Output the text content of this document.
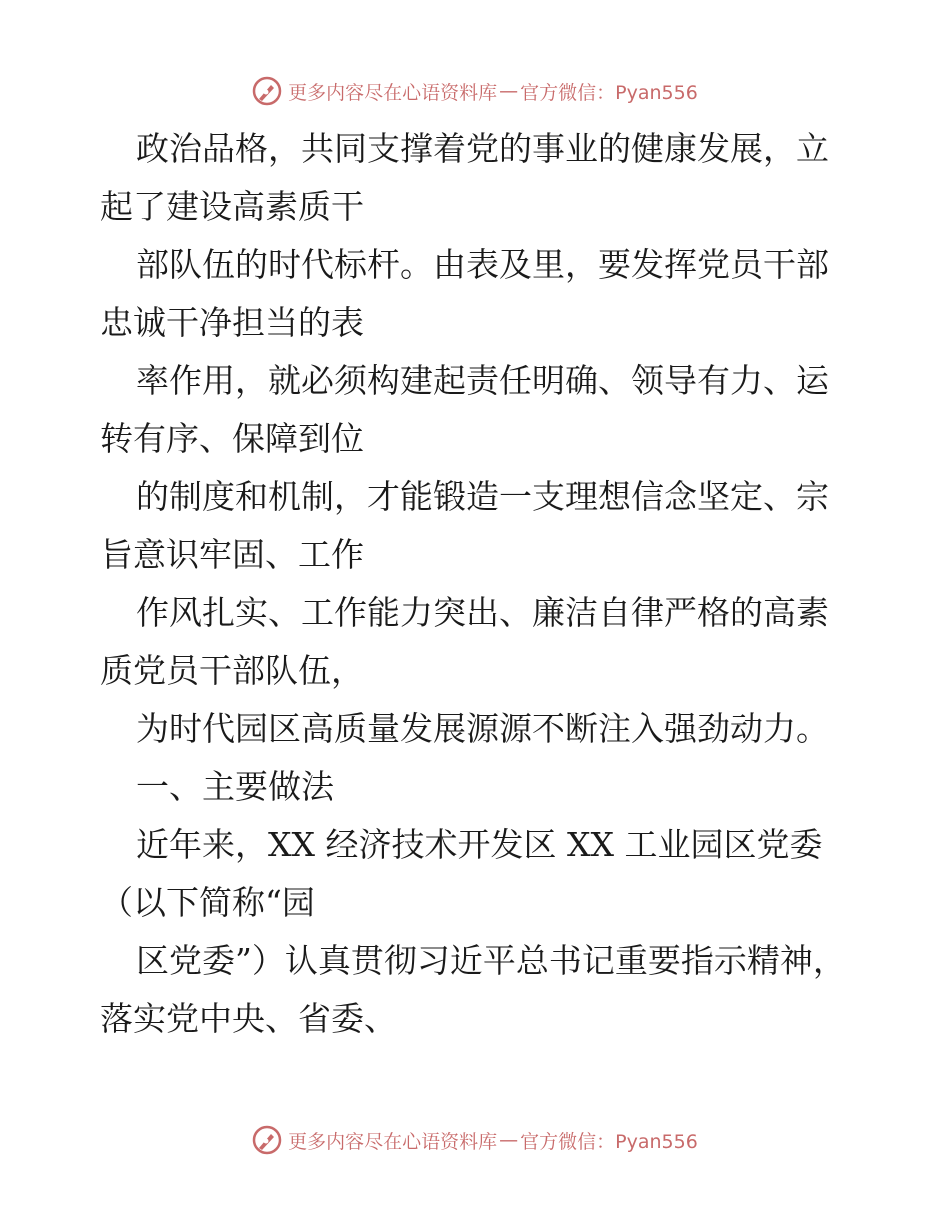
更多内容尽在心语资料库 — 官方微信：Pyan556

政治品格，共同支撑着党的事业的健康发展，立起了建设高素质干

部队伍的时代标杆。由表及里，要发挥党员干部忠诚干净担当的表

率作用，就必须构建起责任明确、领导有力、运转有序、保障到位

的制度和机制，才能锻造一支理想信念坚定、宗旨意识牢固、工作

作风扎实、工作能力突出、廉洁自律严格的高素质党员干部队伍，

为时代园区高质量发展源源不断注入强劲动力。

一、主要做法

近年来，XX 经济技术开发区 XX 工业园区党委（以下简称“园

区党委”）认真贯彻习近平总书记重要指示精神，落实党中央、省委、

更多内容尽在心语资料库 — 官方微信：Pyan556
